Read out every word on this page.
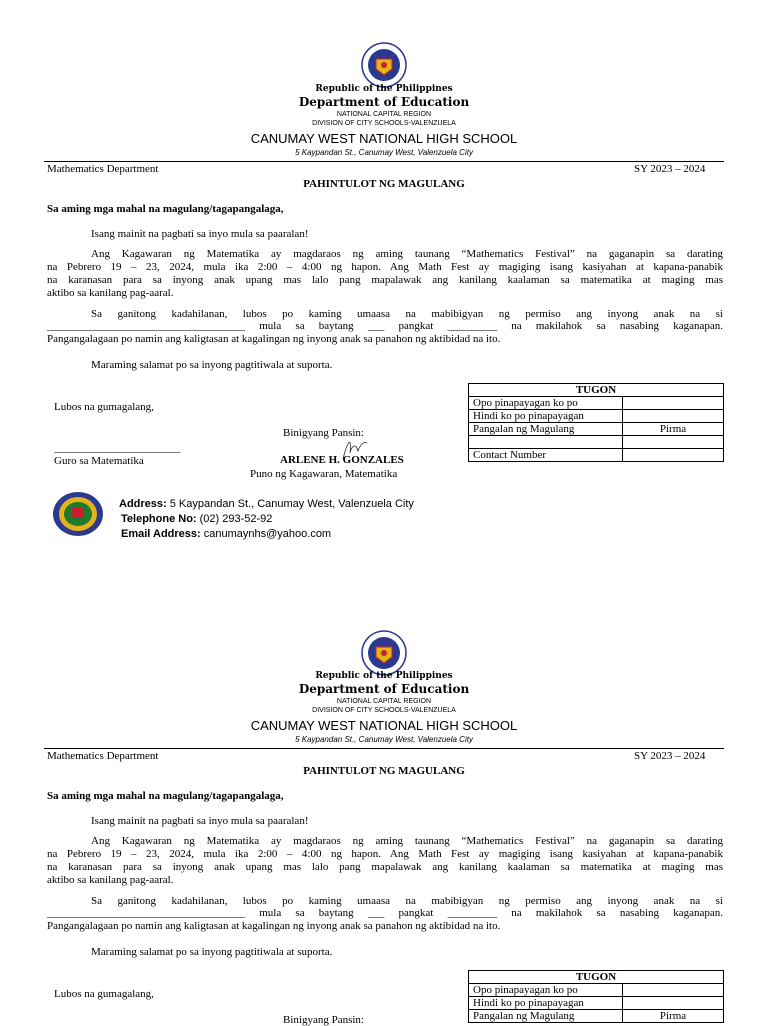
Republic of the Philippines
Department of Education
NATIONAL CAPITAL REGION
DIVISION OF CITY SCHOOLS-VALENZUELA
CANUMAY WEST NATIONAL HIGH SCHOOL
5 Kaypandan St., Canumay West, Valenzuela City
Mathematics Department	SY 2023 – 2024
PAHINTULOT NG MAGULANG
Sa aming mga mahal na magulang/tagapangalaga,
Isang mainit na pagbati sa inyo mula sa paaralan!
Ang Kagawaran ng Matematika ay magdaraos ng aming taunang “Mathematics Festival” na gaganapin sa darating
na Pebrero 19 – 23, 2024, mula ika 2:00 – 4:00 ng hapon. Ang Math Fest ay magiging isang kasiyahan at kapana-panabik
na karanasan para sa inyong anak upang mas lalo pang mapalawak ang kanilang kaalaman sa matematika at maging mas
aktibo sa kanilang pag-aaral.
Sa ganitong kadahilanan, lubos po kaming umaasa na mabibigyan ng permiso ang inyong anak na si
____________________________________ mula sa baytang ___ pangkat _________ na makilahok sa nasabing kaganapan.
Pangangalagaan po namin ang kaligtasan at kagalingan ng inyong anak sa panahon ng aktibidad na ito.
Maraming salamat po sa inyong pagtitiwala at suporta.
TUGON	
Opo pinapayagan ko po	
Hindi ko po pinapayagan	
Pangalan ng Magulang	Pirma

Contact Number	
Lubos na gumagalang,
Binigyang Pansin:
_______________________
Guro sa Matematika	ARLENE H. GONZALES
Puno ng Kagawaran, Matematika
Address: 5 Kaypandan St., Canumay West, Valenzuela City
Telephone No: (02) 293-52-92
Email Address: canumaynhs@yahoo.com
Republic of the Philippines
Department of Education
NATIONAL CAPITAL REGION
DIVISION OF CITY SCHOOLS-VALENZUELA
CANUMAY WEST NATIONAL HIGH SCHOOL
5 Kaypandan St., Canumay West, Valenzuela City
Mathematics Department	SY 2023 – 2024
PAHINTULOT NG MAGULANG
Sa aming mga mahal na magulang/tagapangalaga,
Isang mainit na pagbati sa inyo mula sa paaralan!
Ang Kagawaran ng Matematika ay magdaraos ng aming taunang “Mathematics Festival” na gaganapin sa darating
na Pebrero 19 – 23, 2024, mula ika 2:00 – 4:00 ng hapon. Ang Math Fest ay magiging isang kasiyahan at kapana-panabik
na karanasan para sa inyong anak upang mas lalo pang mapalawak ang kanilang kaalaman sa matematika at maging mas
aktibo sa kanilang pag-aaral.
Sa ganitong kadahilanan, lubos po kaming umaasa na mabibigyan ng permiso ang inyong anak na si
____________________________________ mula sa baytang ___ pangkat _________ na makilahok sa nasabing kaganapan.
Pangangalagaan po namin ang kaligtasan at kagalingan ng inyong anak sa panahon ng aktibidad na ito.
Maraming salamat po sa inyong pagtitiwala at suporta.
TUGON	
Opo pinapayagan ko po	
Hindi ko po pinapayagan	
Pangalan ng Magulang	Pirma
Lubos na gumagalang,
Binigyang Pansin:
